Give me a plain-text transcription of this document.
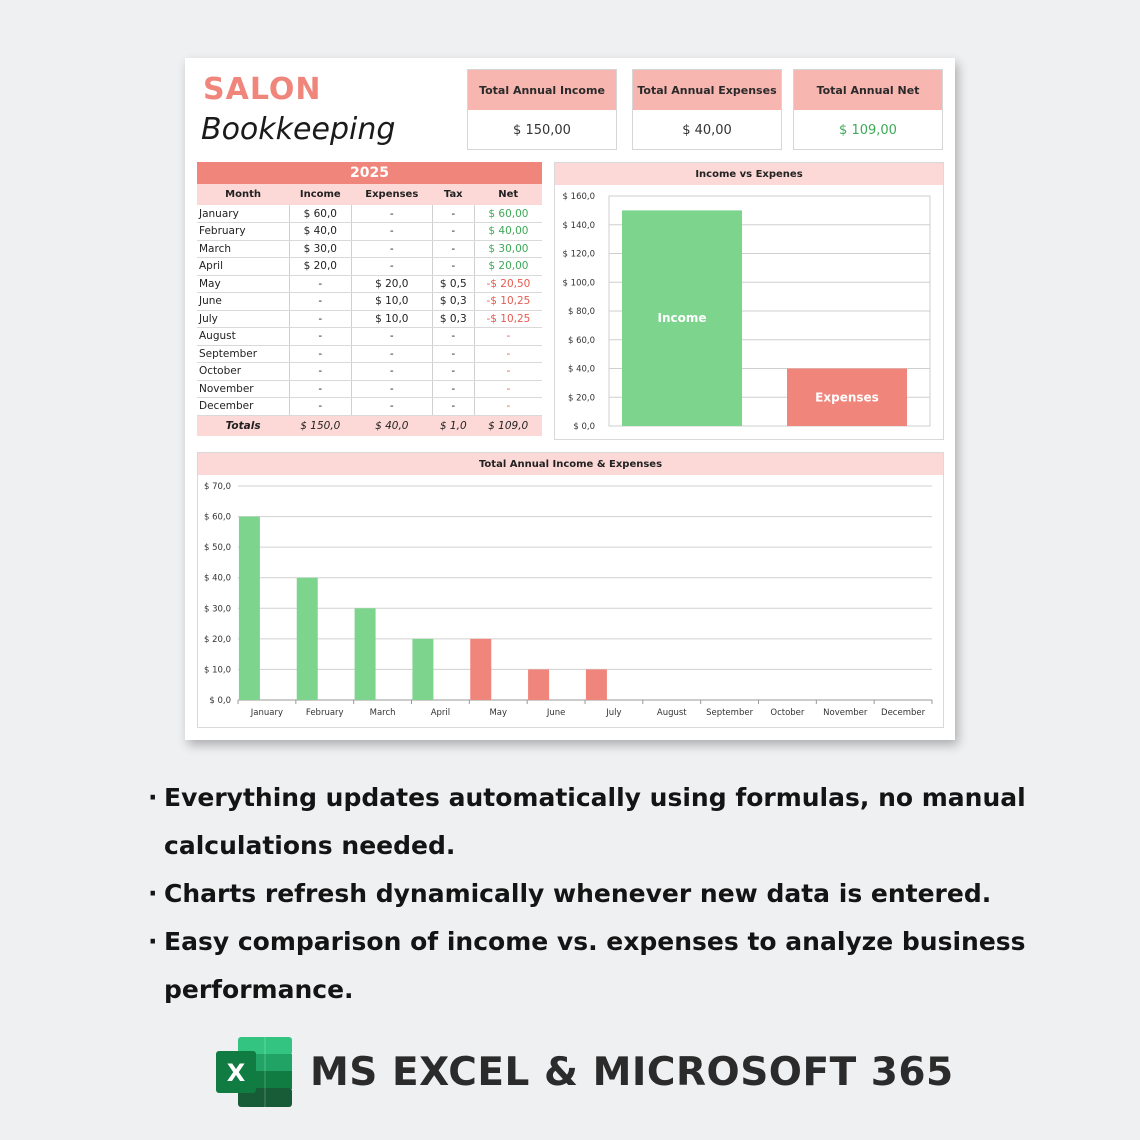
SALON
Bookkeeping
Total Annual Income
$ 150,00
Total Annual Expenses
$ 40,00
Total Annual Net
$ 109,00
2025
Month	Income	Expenses	Tax	Net
January	$ 60,0	-	-	$ 60,00
February	$ 40,0	-	-	$ 40,00
March	$ 30,0	-	-	$ 30,00
April	$ 20,0	-	-	$ 20,00
May	-	$ 20,0	$ 0,5	-$ 20,50
June	-	$ 10,0	$ 0,3	-$ 10,25
July	-	$ 10,0	$ 0,3	-$ 10,25
August	-	-	-	-
September	-	-	-	-
October	-	-	-	-
November	-	-	-	-
December	-	-	-	-
Totals	$ 150,0	$ 40,0	$ 1,0	$ 109,0
Income vs Expenes
$ 0,0
$ 20,0
$ 40,0
$ 60,0
$ 80,0
$ 100,0
$ 120,0
$ 140,0
$ 160,0
Income
Expenses
Total Annual Income & Expenses
$ 0,0
$ 10,0
$ 20,0
$ 30,0
$ 40,0
$ 50,0
$ 60,0
$ 70,0
January	February	March	April	May	June	July	August September October November December
· Everything updates automatically using formulas, no manual calculations needed.
· Charts refresh dynamically whenever new data is entered.
· Easy comparison of income vs. expenses to analyze business performance.
X MS EXCEL & MICROSOFT 365
